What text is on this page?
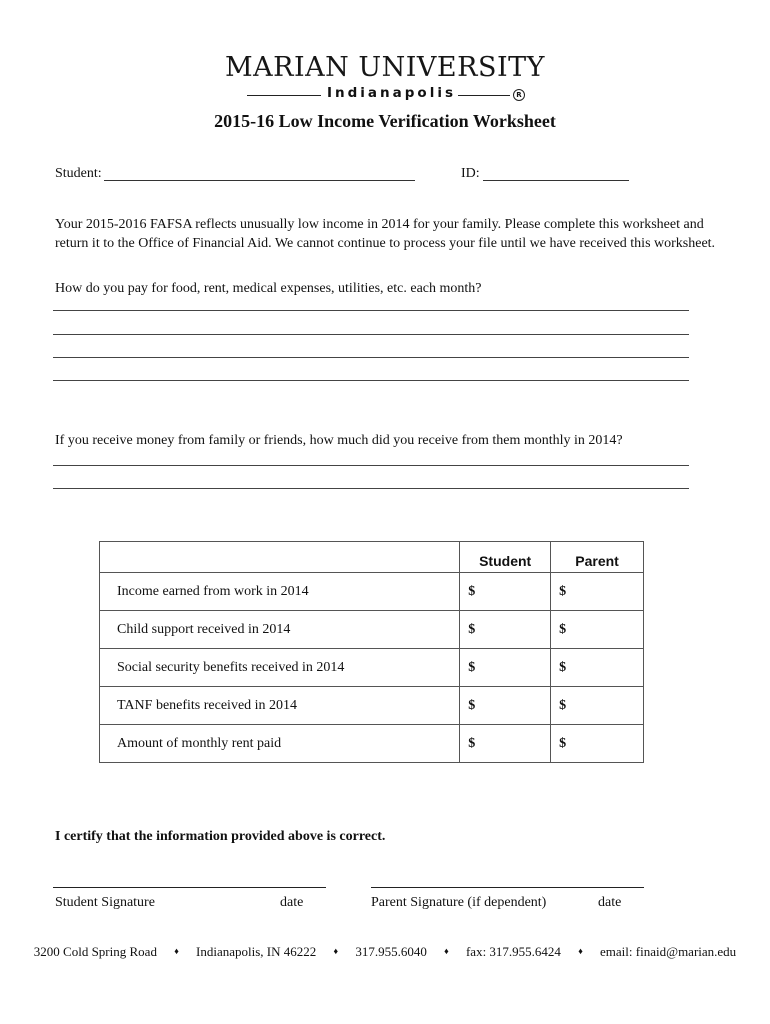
MARIAN UNIVERSITY
Indianapolis	R
2015-16 Low Income Verification Worksheet
Student:	ID:
Your 2015-2016 FAFSA reflects unusually low income in 2014 for your family. Please complete this worksheet and return it to the Office of Financial Aid. We cannot continue to process your file until we have received this worksheet.
How do you pay for food, rent, medical expenses, utilities, etc. each month?
If you receive money from family or friends, how much did you receive from them monthly in 2014?
	Student	Parent
Income earned from work in 2014	$	$
Child support received in 2014	$	$
Social security benefits received in 2014	$	$
TANF benefits received in 2014	$	$
Amount of monthly rent paid	$	$
I certify that the information provided above is correct.
Student Signature	date	Parent Signature (if dependent)	date
3200 Cold Spring Road ♦ Indianapolis, IN 46222 ♦ 317.955.6040 ♦ fax: 317.955.6424 ♦ email: finaid@marian.edu
